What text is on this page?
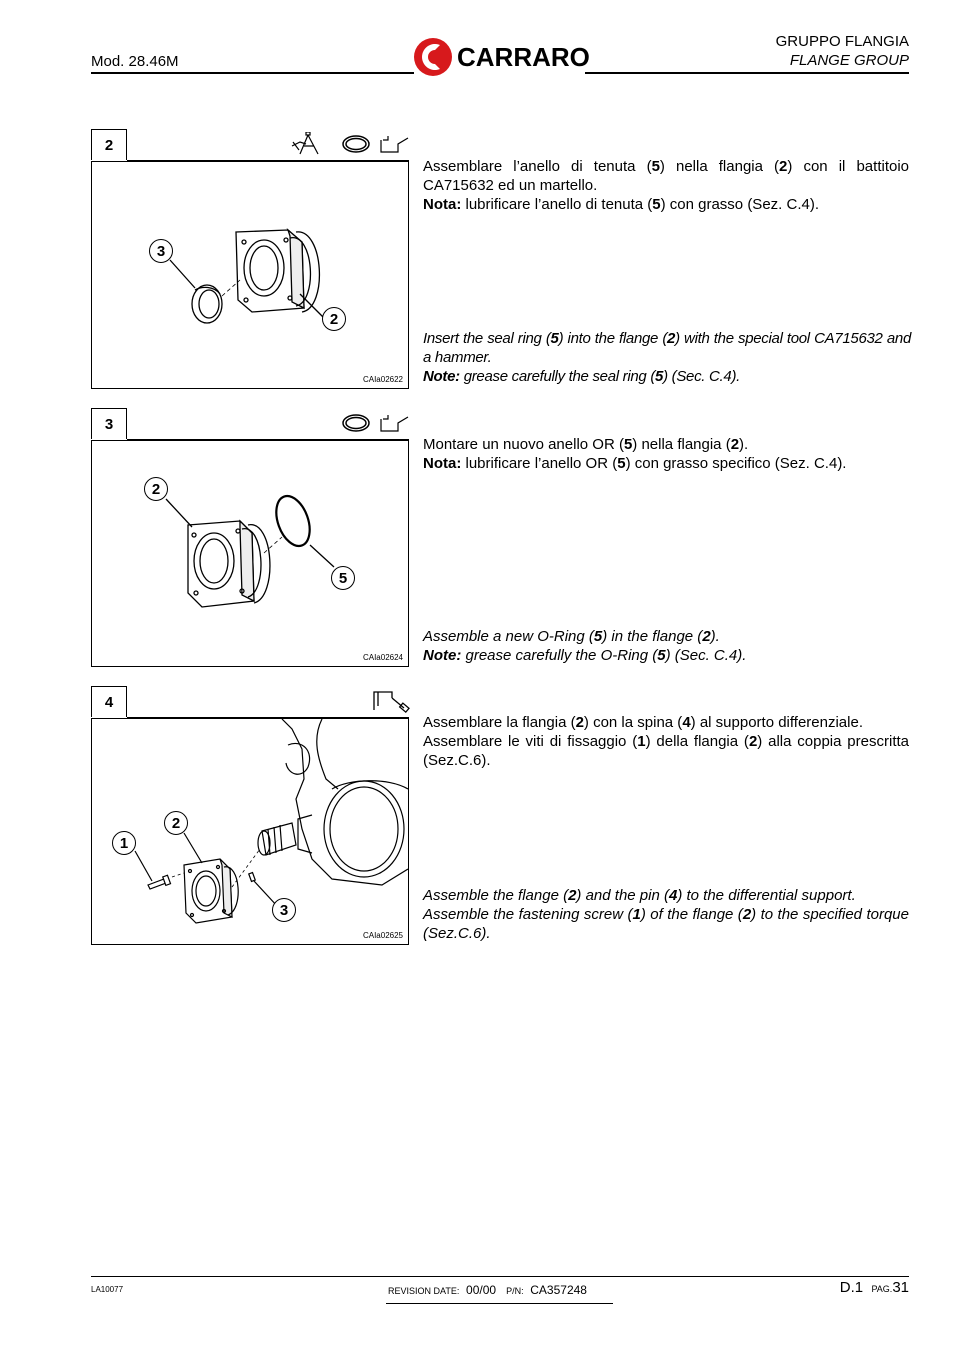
Mod. 28.46M	CARRARO
GRUPPO FLANGIA
FLANGE GROUP
2
3
2
CAIa02622
Assemblare l’anello di tenuta (5) nella flangia (2) con il battitoio CA715632 ed un martello.
Nota: lubrificare l’anello di tenuta (5) con grasso (Sez. C.4).
Insert the seal ring (5) into the flange (2) with the special tool CA715632 and a hammer.
Note: grease carefully the seal ring (5) (Sec. C.4).
3
2
5
CAIa02624
Montare un nuovo anello OR (5) nella flangia (2).
Nota: lubrificare l’anello OR (5) con grasso specifico (Sez. C.4).
Assemble a new O-Ring (5) in the flange (2).
Note: grease carefully the O-Ring (5) (Sec. C.4).
4
1
2
3
CAIa02625
Assemblare la flangia (2) con la spina (4) al supporto differenziale.
Assemblare le viti di fissaggio (1) della flangia (2) alla coppia prescritta (Sez.C.6).
Assemble the flange (2) and the pin (4) to the differential support.
Assemble the fastening screw (1) of the flange (2) to the specified torque (Sez.C.6).
LA10077	REVISION DATE: 00/00 P/N: CA357248	D.1 PAG.31
